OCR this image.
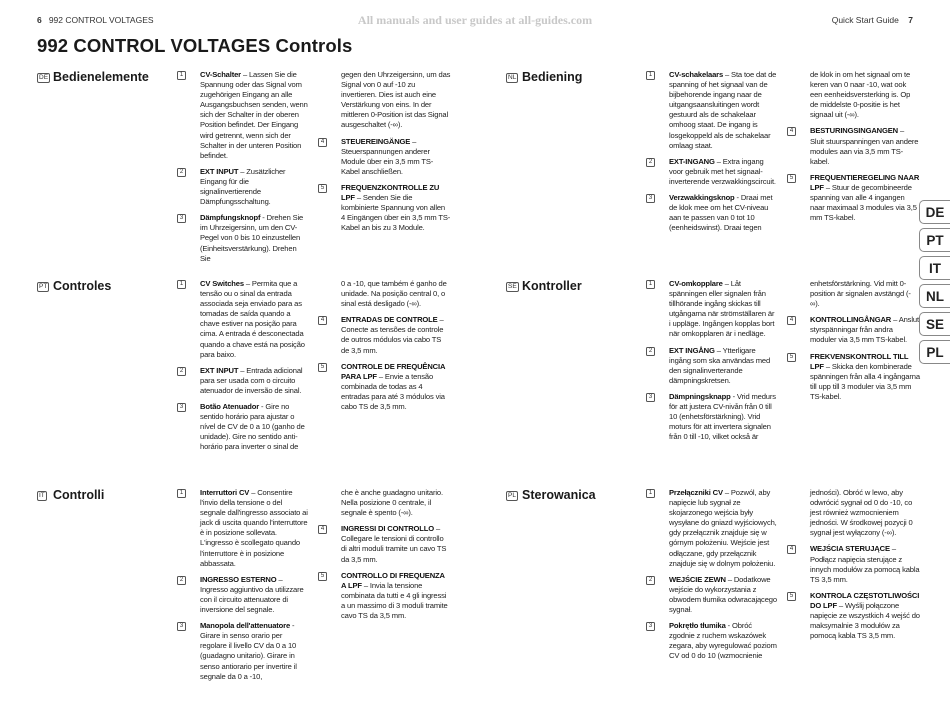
6 992 CONTROL VOLTAGES	All manuals and user guides at all-guides.com	Quick Start Guide 7
992 CONTROL VOLTAGES Controls
DE Bedienelemente	1	CV-Schalter – Lassen Sie die Spannung oder das Signal vom zugehörigen Eingang an alle Ausgangsbuchsen senden, wenn sich der Schalter in der oberen Position befindet. Der Eingang wird getrennt, wenn sich der Schalter in der unteren Position befindet.
2	EXT INPUT – Zusätzlicher Eingang für die signalinvertierende Dämpfungsschaltung.
3	Dämpfungsknopf - Drehen Sie im Uhrzeigersinn, um den CV-Pegel von 0 bis 10 einzustellen (Einheitsverstärkung). Drehen Sie
gegen den Uhrzeigersinn, um das Signal von 0 auf -10 zu invertieren. Dies ist auch eine Verstärkung von eins. In der mittleren 0-Position ist das Signal ausgeschaltet (-∞).
4	STEUEREINGÄNGE – Steuerspannungen anderer Module über ein 3,5 mm TS-Kabel anschließen.
5	FREQUENZKONTROLLE ZU LPF – Senden Sie die kombinierte Spannung von allen 4 Eingängen über ein 3,5 mm TS-Kabel an bis zu 3 Module.
NL Bediening	1	CV-schakelaars – Sta toe dat de spanning of het signaal van de bijbehorende ingang naar de uitgangsaansluitingen wordt gestuurd als de schakelaar omhoog staat. De ingang is losgekoppeld als de schakelaar omlaag staat.
2	EXT-INGANG – Extra ingang voor gebruik met het signaal-inverterende verzwakkingscircuit.
3	Verzwakkingsknop - Draai met de klok mee om het CV-niveau aan te passen van 0 tot 10 (eenheidswinst). Draai tegen
de klok in om het signaal om te keren van 0 naar -10, wat ook een eenheidsversterking is. Op de middelste 0-positie is het signaal uit (-∞).
4	BESTURINGSINGANGEN – Sluit stuurspanningen van andere modules aan via 3,5 mm TS-kabel.
5	FREQUENTIEREGELING NAAR LPF – Stuur de gecombineerde spanning van alle 4 ingangen naar maximaal 3 modules via 3,5 mm TS-kabel.
PT Controles	1	CV Switches – Permita que a tensão ou o sinal da entrada associada seja enviado para as tomadas de saída quando a chave estiver na posição para cima. A entrada é desconectada quando a chave está na posição para baixo.
2	EXT INPUT – Entrada adicional para ser usada com o circuito atenuador de inversão de sinal.
3	Botão Atenuador - Gire no sentido horário para ajustar o nível de CV de 0 a 10 (ganho de unidade). Gire no sentido anti-horário para inverter o sinal de
0 a -10, que também é ganho de unidade. Na posição central 0, o sinal está desligado (-∞).
4	ENTRADAS DE CONTROLE – Conecte as tensões de controle de outros módulos via cabo TS de 3,5 mm.
5	CONTROLE DE FREQUÊNCIA PARA LPF – Envie a tensão combinada de todas as 4 entradas para até 3 módulos via cabo TS de 3,5 mm.
SE Kontroller	1	CV-omkopplare – Låt spänningen eller signalen från tillhörande ingång skickas till utgångarna när strömställaren är i uppläge. Ingången kopplas bort när omkopplaren är i nedläge.
2	EXT INGÅNG – Ytterligare ingång som ska användas med den signalinverterande dämpningskretsen.
3	Dämpningsknapp - Vrid medurs för att justera CV-nivån från 0 till 10 (enhetsförstärkning). Vrid moturs för att invertera signalen från 0 till -10, vilket också är
enhetsförstärkning. Vid mitt 0-position är signalen avstängd (-∞).
4	KONTROLLINGÅNGAR – Anslut styrspänningar från andra moduler via 3,5 mm TS-kabel.
5	FREKVENSKONTROLL TILL LPF – Skicka den kombinerade spänningen från alla 4 ingångarna till upp till 3 moduler via 3,5 mm TS-kabel.
IT Controlli	1	Interruttori CV – Consentire l'invio della tensione o del segnale dall'ingresso associato ai jack di uscita quando l'interruttore è in posizione sollevata. L'ingresso è scollegato quando l'interruttore è in posizione abbassata.
2	INGRESSO ESTERNO – Ingresso aggiuntivo da utilizzare con il circuito attenuatore di inversione del segnale.
3	Manopola dell'attenuatore - Girare in senso orario per regolare il livello CV da 0 a 10 (guadagno unitario). Girare in senso antiorario per invertire il segnale da 0 a -10,
che è anche guadagno unitario. Nella posizione 0 centrale, il segnale è spento (-∞).
4	INGRESSI DI CONTROLLO – Collegare le tensioni di controllo di altri moduli tramite un cavo TS da 3,5 mm.
5	CONTROLLO DI FREQUENZA A LPF – Invia la tensione combinata da tutti e 4 gli ingressi a un massimo di 3 moduli tramite cavo TS da 3,5 mm.
PL Sterowanica	1	Przełączniki CV – Pozwól, aby napięcie lub sygnał ze skojarzonego wejścia były wysyłane do gniazd wyjściowych, gdy przełącznik znajduje się w górnym położeniu. Wejście jest odłączane, gdy przełącznik znajduje się w dolnym położeniu.
2	WEJŚCIE ZEWN – Dodatkowe wejście do wykorzystania z obwodem tłumika odwracającego sygnał.
3	Pokrętło tłumika - Obróć zgodnie z ruchem wskazówek zegara, aby wyregulować poziom CV od 0 do 10 (wzmocnienie
jedności). Obróć w lewo, aby odwrócić sygnał od 0 do -10, co jest również wzmocnieniem jedności. W środkowej pozycji 0 sygnał jest wyłączony (-∞).
4	WEJŚCIA STERUJĄCE – Podłącz napięcia sterujące z innych modułów za pomocą kabla TS 3,5 mm.
5	KONTROLA CZĘSTOTLIWOŚCI DO LPF – Wyślij połączone napięcie ze wszystkich 4 wejść do maksymalnie 3 modułów za pomocą kabla TS 3,5 mm.
DE
PT
IT
NL
SE
PL
